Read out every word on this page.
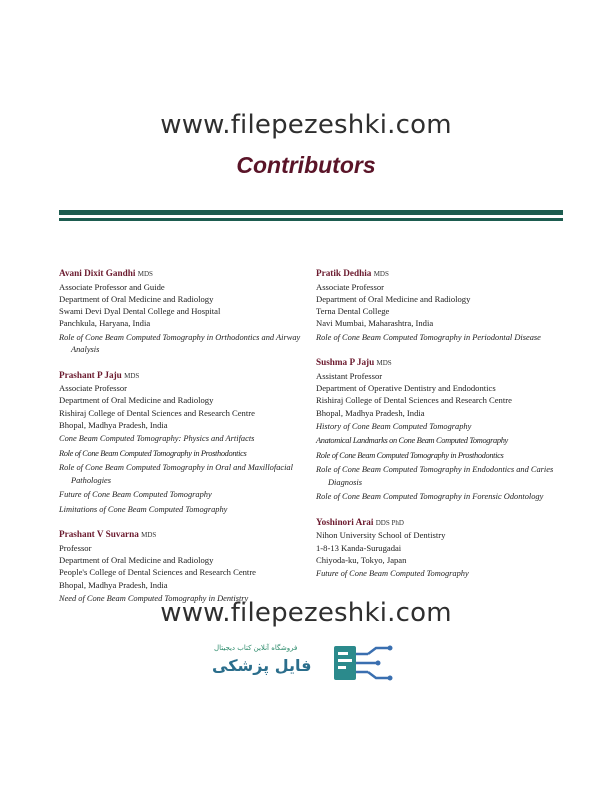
www.filepezeshki.com
Contributors
Avani Dixit Gandhi MDS
Associate Professor and Guide
Department of Oral Medicine and Radiology
Swami Devi Dyal Dental College and Hospital
Panchkula, Haryana, India
Role of Cone Beam Computed Tomography in Orthodontics and Airway Analysis
Prashant P Jaju MDS
Associate Professor
Department of Oral Medicine and Radiology
Rishiraj College of Dental Sciences and Research Centre
Bhopal, Madhya Pradesh, India
Cone Beam Computed Tomography: Physics and Artifacts
Role of Cone Beam Computed Tomography in Prosthodontics
Role of Cone Beam Computed Tomography in Oral and Maxillofacial Pathologies
Future of Cone Beam Computed Tomography
Limitations of Cone Beam Computed Tomography
Prashant V Suvarna MDS
Professor
Department of Oral Medicine and Radiology
People's College of Dental Sciences and Research Centre
Bhopal, Madhya Pradesh, India
Need of Cone Beam Computed Tomography in Dentistry
Pratik Dedhia MDS
Associate Professor
Department of Oral Medicine and Radiology
Terna Dental College
Navi Mumbai, Maharashtra, India
Role of Cone Beam Computed Tomography in Periodontal Disease
Sushma P Jaju MDS
Assistant Professor
Department of Operative Dentistry and Endodontics
Rishiraj College of Dental Sciences and Research Centre
Bhopal, Madhya Pradesh, India
History of Cone Beam Computed Tomography
Anatomical Landmarks on Cone Beam Computed Tomography
Role of Cone Beam Computed Tomography in Prosthodontics
Role of Cone Beam Computed Tomography in Endodontics and Caries Diagnosis
Role of Cone Beam Computed Tomography in Forensic Odontology
Yoshinori Arai DDS PhD
Nihon University School of Dentistry
1-8-13 Kanda-Surugadai
Chiyoda-ku, Tokyo, Japan
Future of Cone Beam Computed Tomography
www.filepezeshki.com
فروشگاه آنلاین کتاب دیجیتال
فایل پزشکی
